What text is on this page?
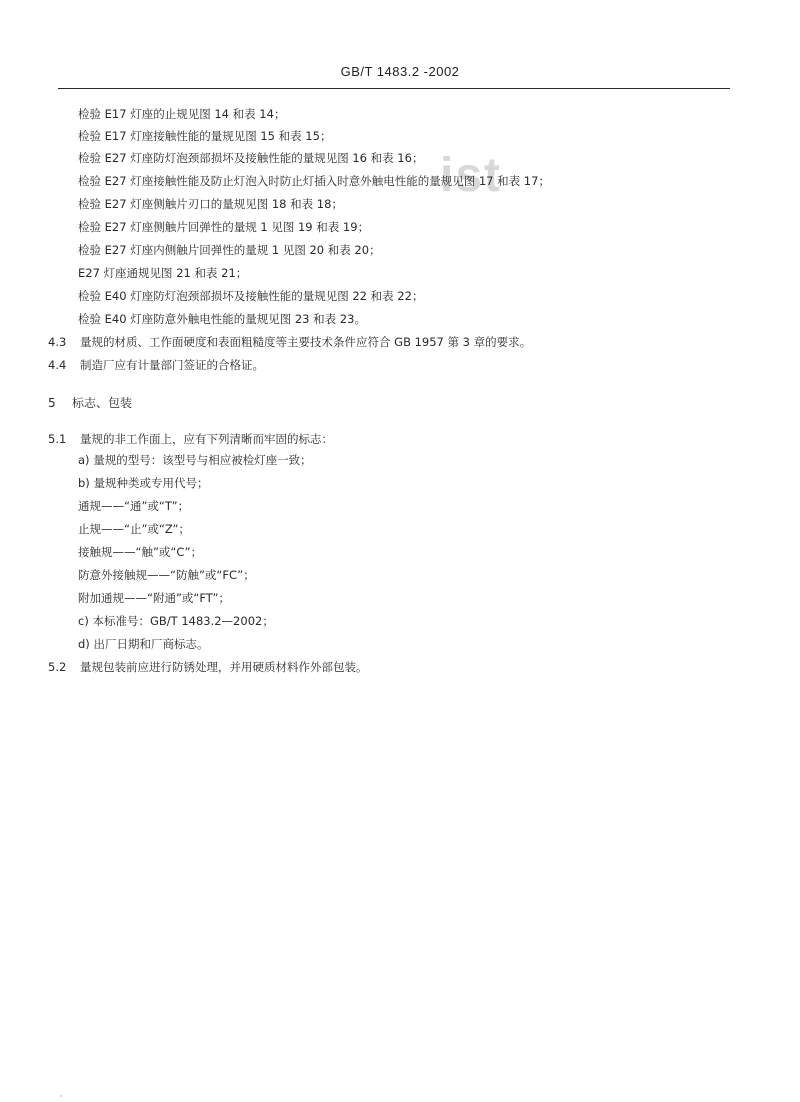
ist
GB/T 1483.2 -2002
检验 E17 灯座的止规见图 14 和表 14；
检验 E17 灯座接触性能的量规见图 15 和表 15；
检验 E27 灯座防灯泡颈部损坏及接触性能的量规见图 16 和表 16；
检验 E27 灯座接触性能及防止灯泡入时防止灯插入时意外触电性能的量规见图 17 和表 17；
检验 E27 灯座侧触片刃口的量规见图 18 和表 18；
检验 E27 灯座侧触片回弹性的量规 1 见图 19 和表 19；
检验 E27 灯座内侧触片回弹性的量规 1 见图 20 和表 20；
E27 灯座通规见图 21 和表 21；
检验 E40 灯座防灯泡颈部损坏及接触性能的量规见图 22 和表 22；
检验 E40 灯座防意外触电性能的量规见图 23 和表 23。
4.3 量规的材质、工作面硬度和表面粗糙度等主要技术条件应符合 GB 1957 第 3 章的要求。
4.4 制造厂应有计量部门签证的合格证。
5 标志、包装
5.1 量规的非工作面上，应有下列清晰而牢固的标志：
a) 量规的型号：该型号与相应被检灯座一致；
b) 量规种类或专用代号；
通规——“通”或“T”；
止规——“止”或“Z”；
接触规——“触”或“C”；
防意外接触规——“防触”或“FC”；
附加通规——“附通”或“FT”；
c) 本标准号：GB/T 1483.2—2002；
d) 出厂日期和厂商标志。
5.2 量规包装前应进行防锈处理，并用硬质材料作外部包装。
·
